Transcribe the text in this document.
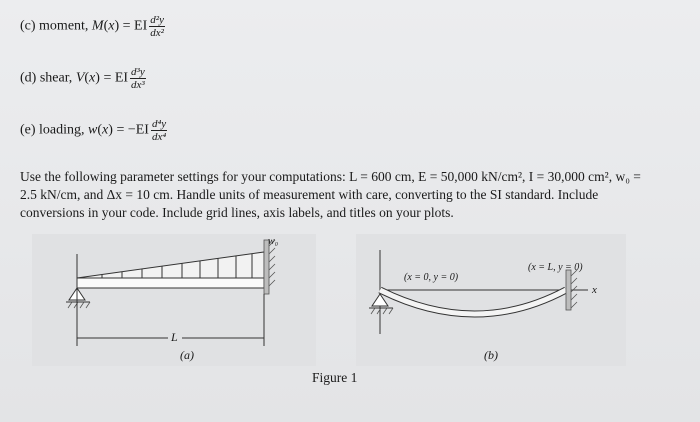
(c) moment, M(x) = EI $\frac{\text{d²y}}{\text{dx²}}$
(d) shear, V(x) = EI $\frac{\text{d³y}}{\text{dx³}}$
(e) loading, $w(x) = -EI \frac{\text{d⁴y}}{\text{dx⁴}}$

Use the following parameter settings for your computations: L = 600 cm, E = 50,000 kN/cm², I = 30,000 cm², w₀ =

2.5 kN/cm, and Δx = 10 cm. Handle units of measurement with care, converting to the SI standard. Include

conversions in your code. Include grid lines, axis labels, and titles on your plots.

w₀
L
(a)
(x = 0, y = 0)
(x = L, y = 0)
x
(b)
Figure 1
